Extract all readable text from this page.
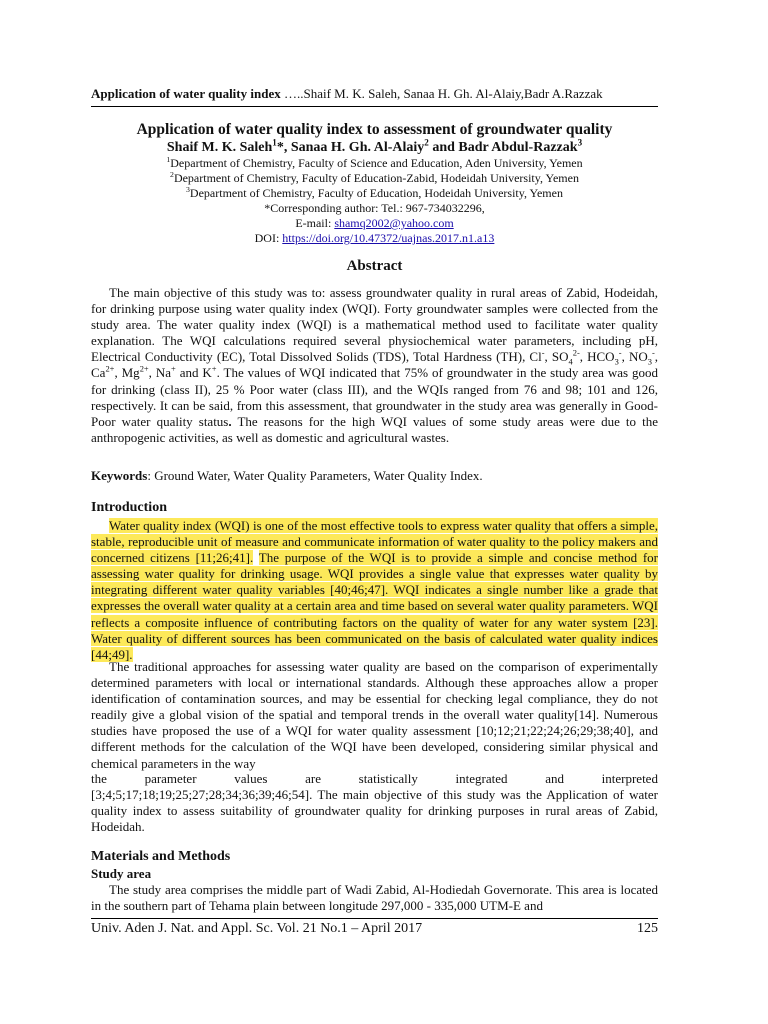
Application of water quality index …..Shaif M. K. Saleh, Sanaa H. Gh. Al-Alaiy,Badr A.Razzak

Application of water quality index to assessment of groundwater quality

Shaif M. K. Saleh$^1$*, Sanaa H. Gh. Al-Alaiy$^2$ and Badr Abdul-Razzak$^3$

$^1$Department of Chemistry, Faculty of Science and Education, Aden University, Yemen

$^2$Department of Chemistry, Faculty of Education-Zabid, Hodeidah University, Yemen

$^3$Department of Chemistry, Faculty of Education, Hodeidah University, Yemen

*Corresponding author: Tel.: 967-734032296,

E-mail: shamq2002@yahoo.com

DOI: https://doi.org/10.47372/uajnas.2017.n1.a13

Abstract

The main objective of this study was to: assess groundwater quality in rural areas of Zabid, Hodeidah, for drinking purpose using water quality index (WQI). Forty groundwater samples were collected from the study area. The water quality index (WQI) is a mathematical method used to facilitate water quality explanation. The WQI calculations required several physiochemical water parameters, including pH, Electrical Conductivity (EC), Total Dissolved Solids (TDS), Total Hardness (TH), Cl-, $SO_4^{2-}$, $HCO_3^-$, $NO_3^-$, $Ca^{2+}$, $Mg^{2+}$, Na+ and K+. The values of WQI indicated that 75% of groundwater in the study area was good for drinking (class II), 25 % Poor water (class III), and the WQIs ranged from 76 and 98; 101 and 126, respectively. It can be said, from this assessment, that groundwater in the study area was generally in Good-Poor water quality status. The reasons for the high WQI values of some study areas were due to the anthropogenic activities, as well as domestic and agricultural wastes.

Keywords: Ground Water, Water Quality Parameters, Water Quality Index.

Introduction

Water quality index (WQI) is one of the most effective tools to express water quality that offers a simple, stable, reproducible unit of measure and communicate information of water quality to the policy makers and concerned citizens [11;26;41]. The purpose of the WQI is to provide a simple and concise method for assessing water quality for drinking usage. WQI provides a single value that expresses water quality by integrating different water quality variables [40;46;47]. WQI indicates a single number like a grade that expresses the overall water quality at a certain area and time based on several water quality parameters. WQI reflects a composite influence of contributing factors on the quality of water for any water system [23]. Water quality of different sources has been communicated on the basis of calculated water quality indices [44;49].

The traditional approaches for assessing water quality are based on the comparison of experimentally determined parameters with local or international standards. Although these approaches allow a proper identification of contamination sources, and may be essential for checking legal compliance, they do not readily give a global vision of the spatial and temporal trends in the overall water quality[14]. Numerous studies have proposed the use of a WQI for water quality assessment [10;12;21;22;24;26;29;38;40], and different methods for the calculation of the WQI have been developed, considering similar physical and chemical parameters in the way

the	parameter	values	are	statistically	integrated	and	interpreted

[3;4;5;17;18;19;25;27;28;34;36;39;46;54]. The main objective of this study was the Application of water quality index to assess suitability of groundwater quality for drinking purposes in rural areas of Zabid, Hodeidah.

Materials and Methods

Study area

The study area comprises the middle part of Wadi Zabid, Al-Hodiedah Governorate. This area is located in the southern part of Tehama plain between longitude 297,000 - 335,000 UTM-E and

Univ. Aden J. Nat. and Appl. Sc. Vol. 21 No.1 – April 2017	125
